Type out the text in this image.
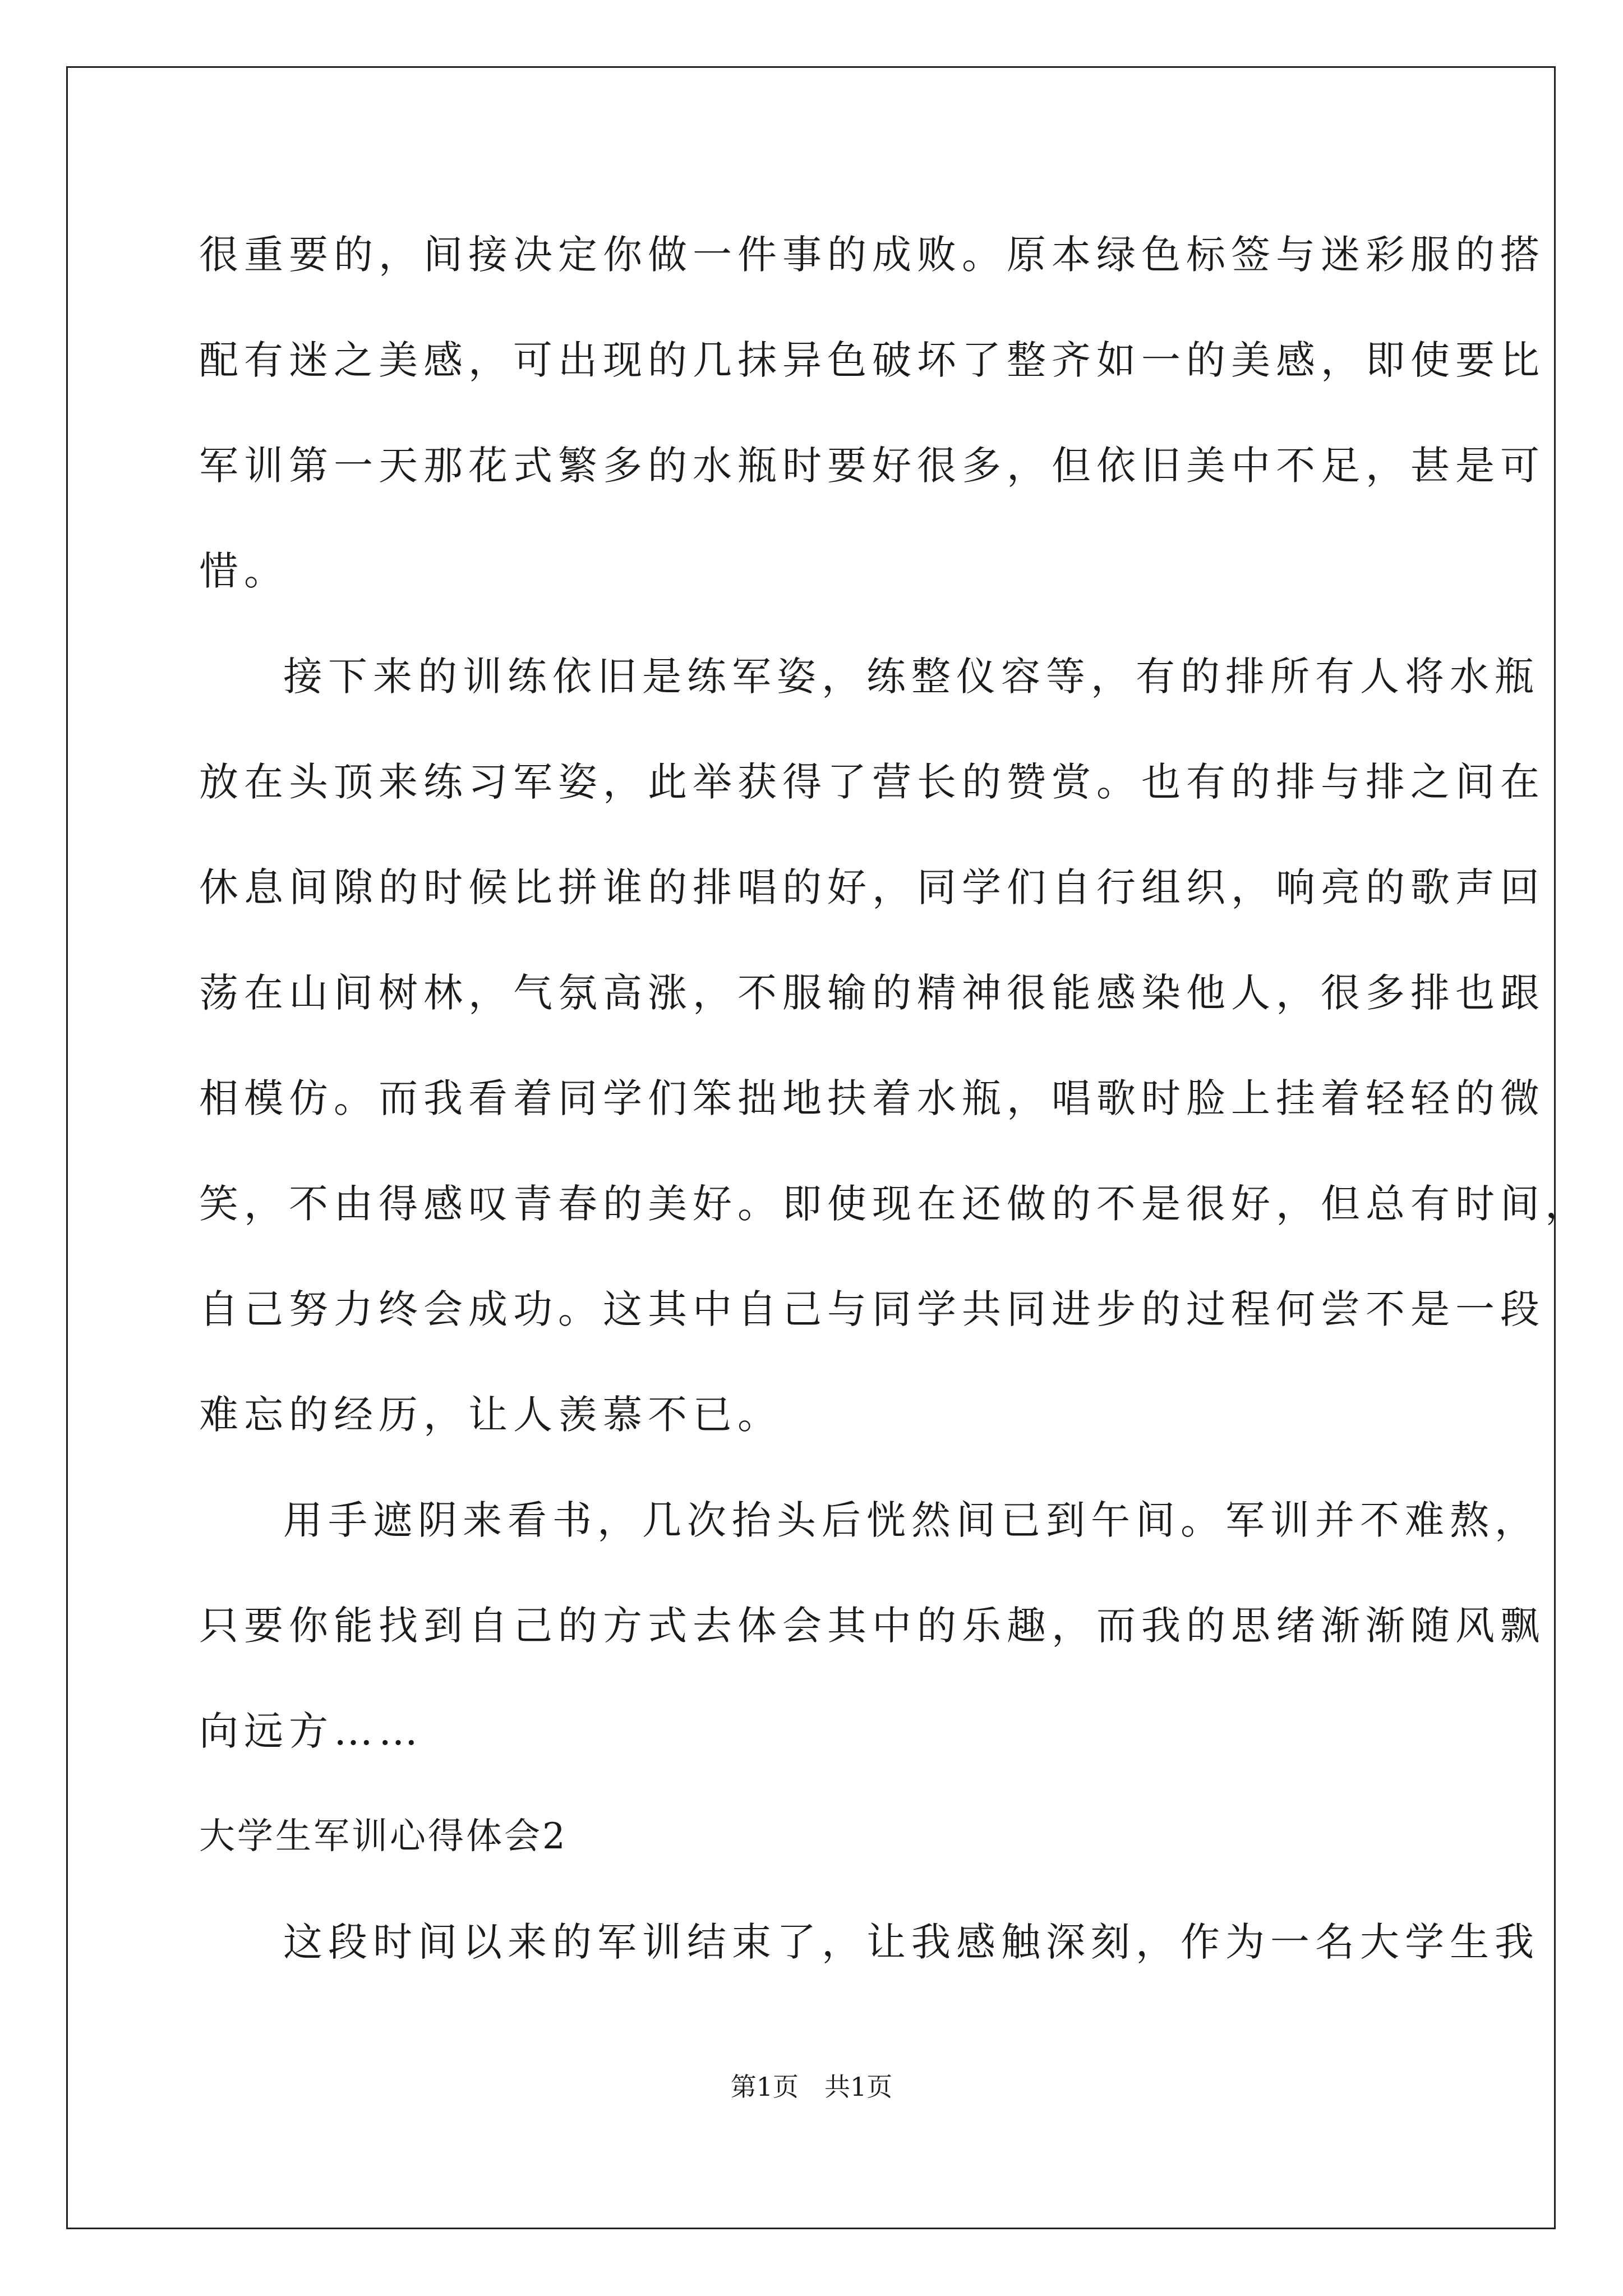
很重要的，间接决定你做一件事的成败。原本绿色标签与迷彩服的搭
配有迷之美感，可出现的几抹异色破坏了整齐如一的美感，即使要比
军训第一天那花式繁多的水瓶时要好很多，但依旧美中不足，甚是可
惜。
接下来的训练依旧是练军姿，练整仪容等，有的排所有人将水瓶
放在头顶来练习军姿，此举获得了营长的赞赏。也有的排与排之间在
休息间隙的时候比拼谁的排唱的好，同学们自行组织，响亮的歌声回
荡在山间树林，气氛高涨，不服输的精神很能感染他人，很多排也跟
相模仿。而我看着同学们笨拙地扶着水瓶，唱歌时脸上挂着轻轻的微
笑，不由得感叹青春的美好。即使现在还做的不是很好，但总有时间，
自己努力终会成功。这其中自己与同学共同进步的过程何尝不是一段
难忘的经历，让人羡慕不已。
用手遮阴来看书，几次抬头后恍然间已到午间。军训并不难熬，
只要你能找到自己的方式去体会其中的乐趣，而我的思绪渐渐随风飘
向远方……
大学生军训心得体会2
这段时间以来的军训结束了，让我感触深刻，作为一名大学生我
第1页　共1页
